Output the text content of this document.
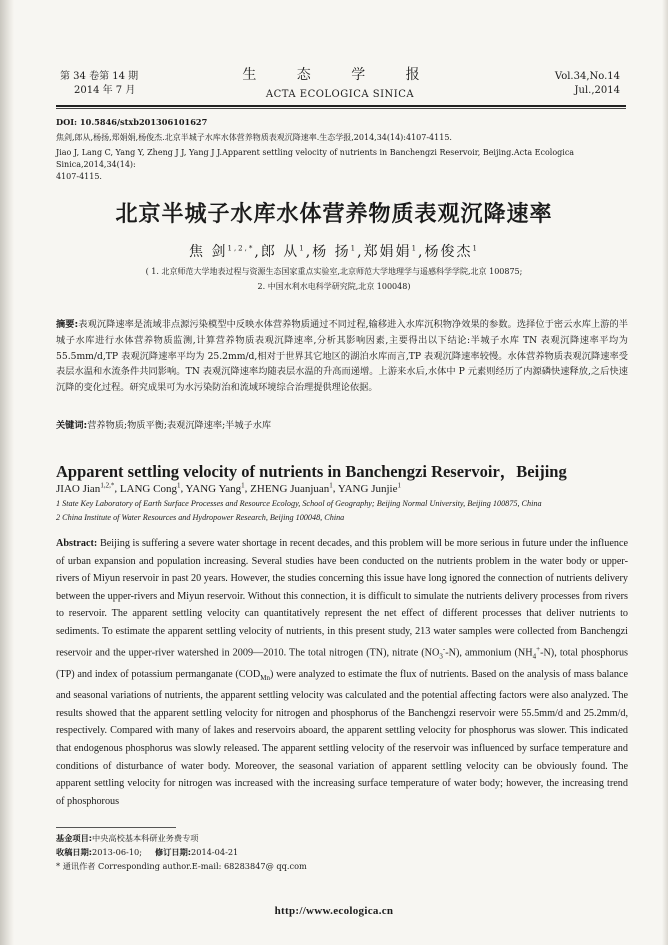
第 34 卷第 14 期
2014 年 7 月
生 态 学 报
ACTA ECOLOGICA SINICA
Vol.34,No.14
Jul.,2014
DOI: 10.5846/stxb201306101627
焦剑,郎从,杨扬,郑娟娟,杨俊杰.北京半城子水库水体营养物质表观沉降速率.生态学报,2014,34(14):4107-4115.
Jiao J, Lang C, Yang Y, Zheng J J, Yang J J.Apparent settling velocity of nutrients in Banchengzi Reservoir, Beijing.Acta Ecologica Sinica,2014,34(14):
4107-4115.
北京半城子水库水体营养物质表观沉降速率
焦 剑$^{1,2,*}$,郎 从$^1$,杨 扬$^1$,郑娟娟$^1$,杨俊杰$^1$
( 1. 北京师范大学地表过程与资源生态国家重点实验室,北京师范大学地理学与遥感科学学院,北京 100875;
2. 中国水利水电科学研究院,北京 100048)
摘要:表观沉降速率是流域非点源污染模型中反映水体营养物质通过不同过程,输移进入水库沉积物净效果的参数。选择位于密云水库上游的半城子水库进行水体营养物质监测,计算营养物质表观沉降速率,分析其影响因素,主要得出以下结论:半城子水库 TN 表观沉降速率平均为 55.5mm/d,TP 表观沉降速率平均为 25.2mm/d,相对于世界其它地区的湖泊水库而言,TP 表观沉降速率较慢。水体营养物质表观沉降速率受表层水温和水流条件共同影响。TN 表观沉降速率均随表层水温的升高而递增。上游来水后,水体中 P 元素则经历了内源磷快速释放,之后快速沉降的变化过程。研究成果可为水污染防治和流域环境综合治理提供理论依据。
关键词:营养物质;物质平衡;表观沉降速率;半城子水库
Apparent settling velocity of nutrients in Banchengzi Reservoir，Beijing
JIAO Jian$^{1,2,*}$, LANG Cong$^1$, YANG Yang$^1$, ZHENG Juanjuan$^1$, YANG Junjie$^1$
1 State Key Laboratory of Earth Surface Processes and Resource Ecology, School of Geography; Beijing Normal University, Beijing 100875, China
2 China Institute of Water Resources and Hydropower Research, Beijing 100048, China
Abstract: Beijing is suffering a severe water shortage in recent decades, and this problem will be more serious in future under the influence of urban expansion and population increasing. Several studies have been conducted on the nutrients problem in the water body or upper-rivers of Miyun reservoir in past 20 years. However, the studies concerning this issue have long ignored the connection of nutrients delivery between the upper-rivers and Miyun reservoir. Without this connection, it is difficult to simulate the nutrients delivery processes from rivers to reservoir. The apparent settling velocity can quantitatively represent the net effect of different processes that deliver nutrients to sediments. To estimate the apparent settling velocity of nutrients, in this present study, 213 water samples were collected from Banchengzi reservoir and the upper-river watershed in 2009—2010. The total nitrogen (TN), nitrate $(NO_3^--N)$, ammonium $(NH_4^+-N)$, total phosphorus (TP) and index of potassium permanganate $(COD_{Mn})$ were analyzed to estimate the flux of nutrients. Based on the analysis of mass balance and seasonal variations of nutrients, the apparent settling velocity was calculated and the potential affecting factors were also analyzed. The results showed that the apparent settling velocity for nitrogen and phosphorus of the Banchengzi reservoir were 55.5mm/d and 25.2mm/d, respectively. Compared with many of lakes and reservoirs aboard, the apparent settling velocity for phosphorus was slower. This indicated that endogenous phosphorus was slowly released. The apparent settling velocity of the reservoir was influenced by surface temperature and conditions of disturbance of water body. Moreover, the seasonal variation of apparent settling velocity can be obviously found. The apparent settling velocity for nitrogen was increased with the increasing surface temperature of water body; however, the increasing trend of phosphorous
基金项目:中央高校基本科研业务费专项
收稿日期:2013-06-10; 修订日期:2014-04-21
* 通讯作者 Corresponding author.E-mail: 68283847@ qq.com
http://www.ecologica.cn
